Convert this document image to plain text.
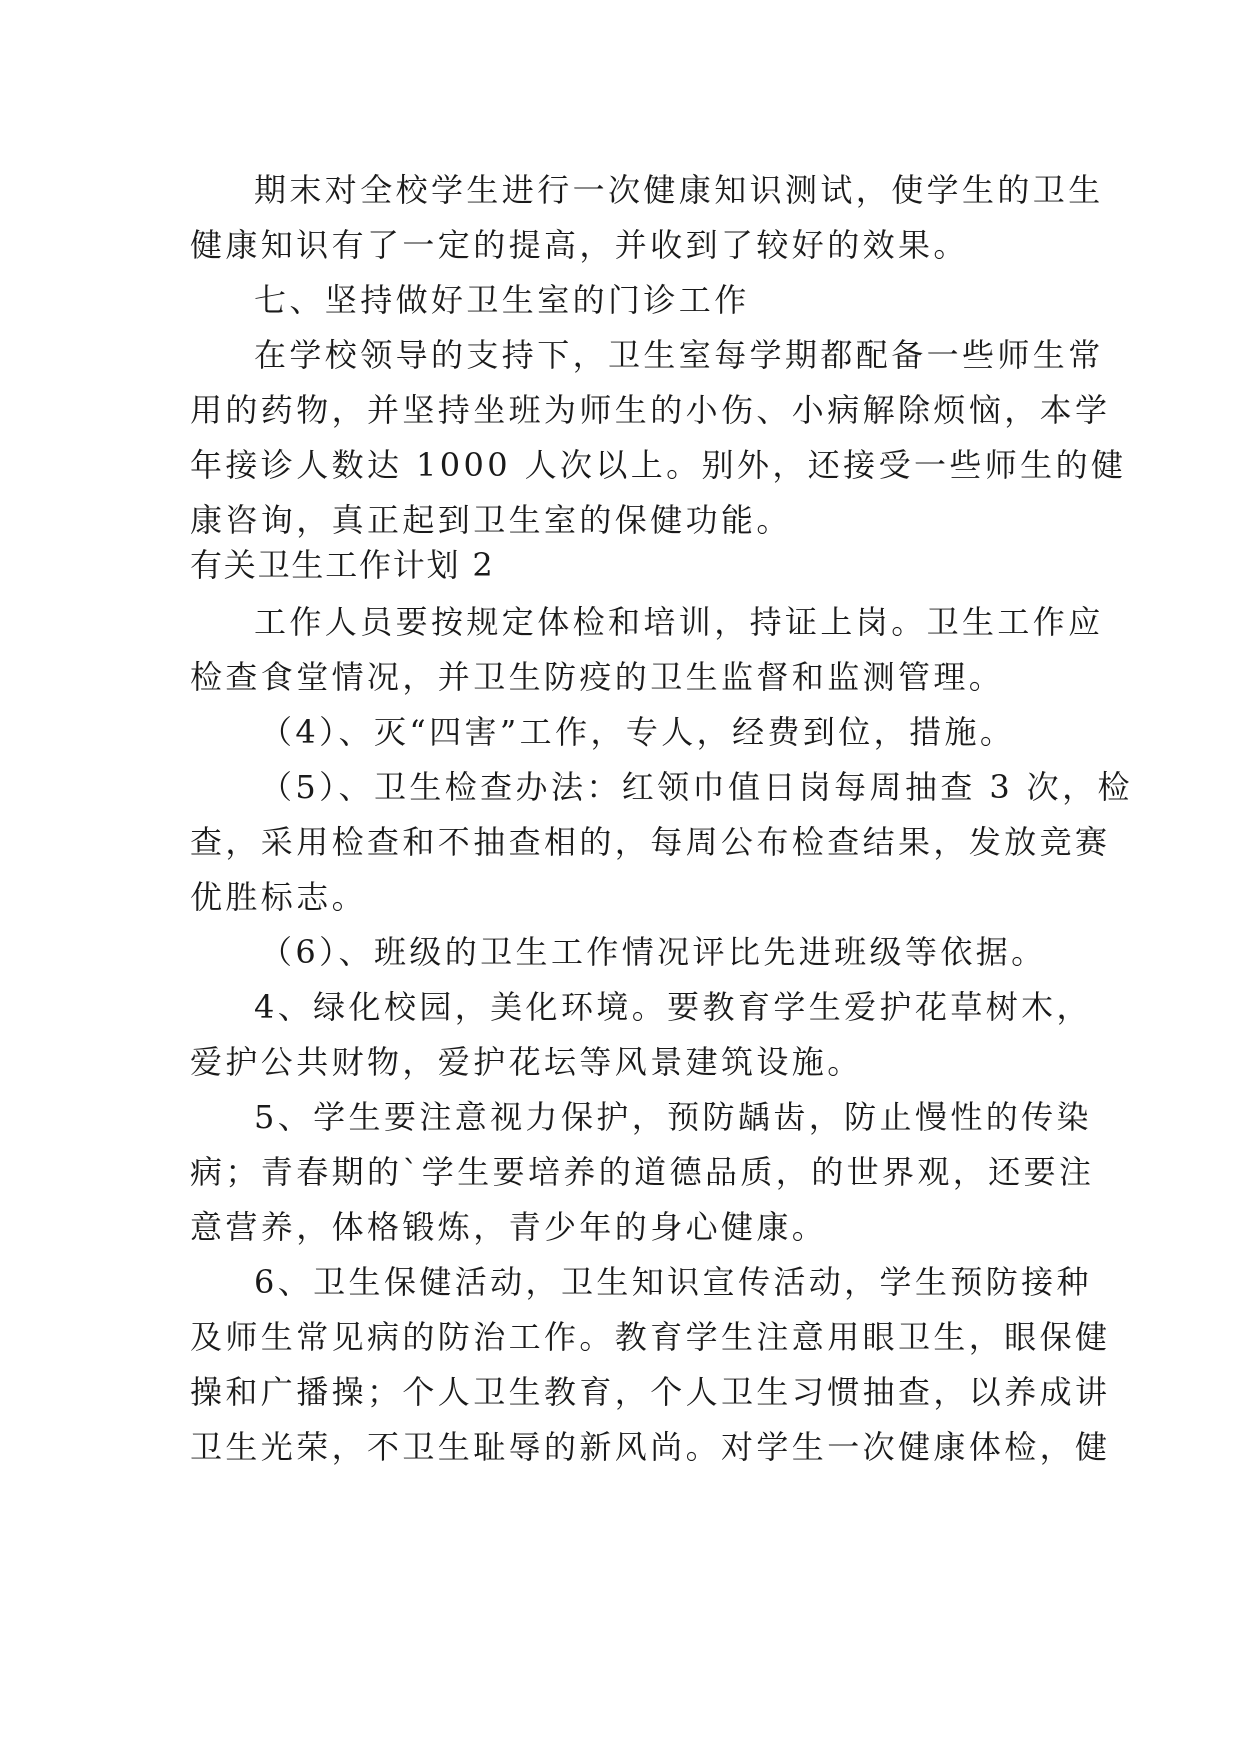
期末对全校学生进行一次健康知识测试，使学生的卫生
健康知识有了一定的提高，并收到了较好的效果。
七、坚持做好卫生室的门诊工作
在学校领导的支持下，卫生室每学期都配备一些师生常
用的药物，并坚持坐班为师生的小伤、小病解除烦恼，本学
年接诊人数达 1000 人次以上。别外，还接受一些师生的健
康咨询，真正起到卫生室的保健功能。
有关卫生工作计划 2
工作人员要按规定体检和培训，持证上岗。卫生工作应
检查食堂情况，并卫生防疫的卫生监督和监测管理。
（4）、灭“四害”工作，专人，经费到位，措施。
（5）、卫生检查办法：红领巾值日岗每周抽查 3 次，检
查，采用检查和不抽查相的，每周公布检查结果，发放竞赛
优胜标志。
（6）、班级的卫生工作情况评比先进班级等依据。
4、绿化校园，美化环境。要教育学生爱护花草树木，
爱护公共财物，爱护花坛等风景建筑设施。
5、学生要注意视力保护，预防龋齿，防止慢性的传染
病；青春期的`学生要培养的道德品质，的世界观，还要注
意营养，体格锻炼，青少年的身心健康。
6、卫生保健活动，卫生知识宣传活动，学生预防接种
及师生常见病的防治工作。教育学生注意用眼卫生，眼保健
操和广播操；个人卫生教育，个人卫生习惯抽查，以养成讲
卫生光荣，不卫生耻辱的新风尚。对学生一次健康体检，健
